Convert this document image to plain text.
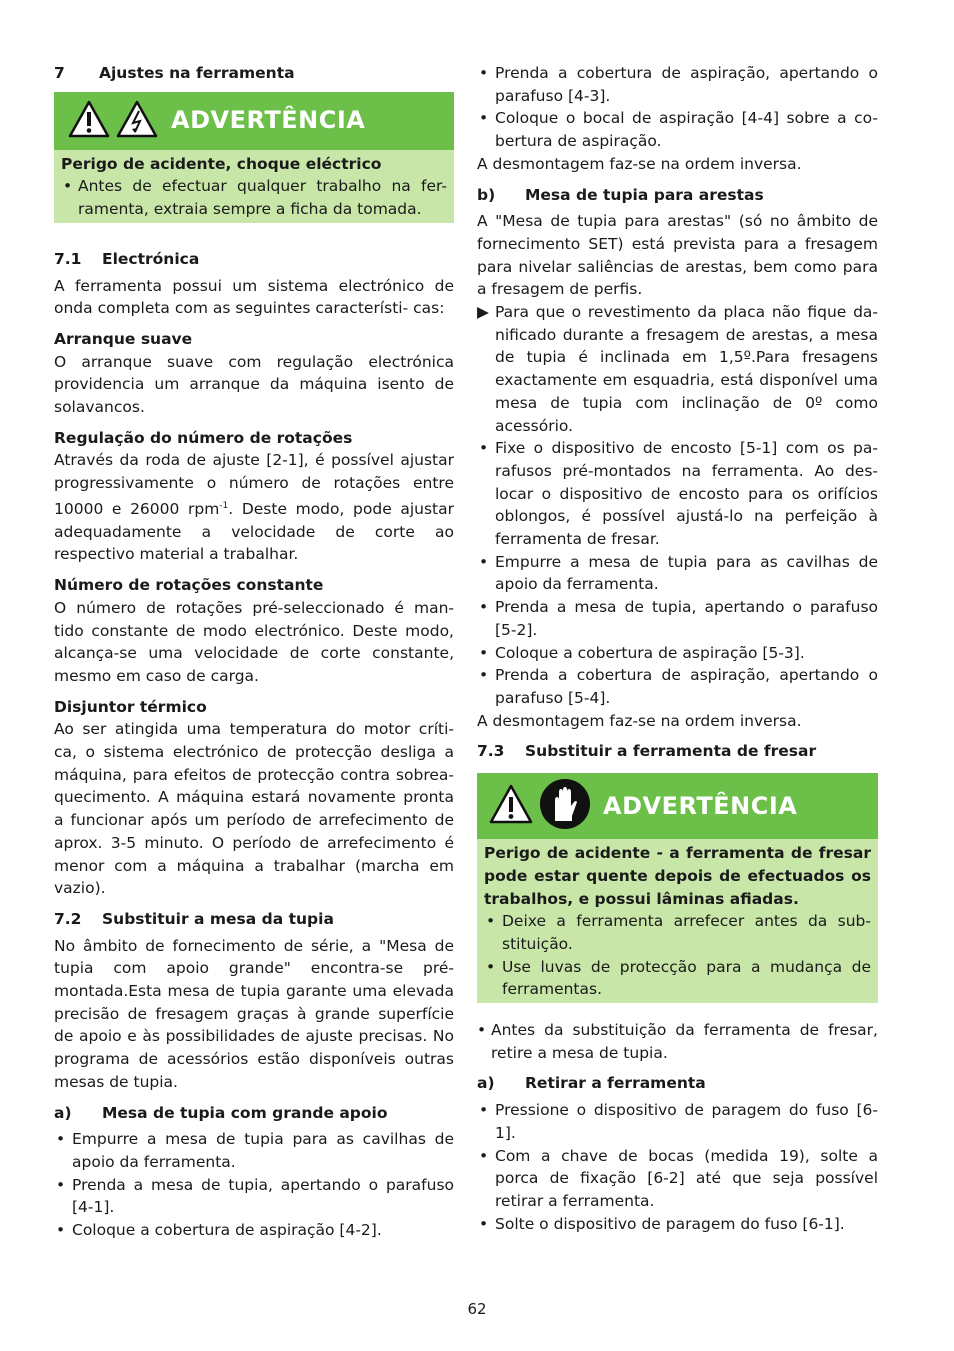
7	Ajustes na ferramenta
ADVERTÊNCIA

Perigo de acidente, choque eléctrico

• Antes de efectuar qualquer trabalho na fer- ramenta, extraia sempre a ficha da tomada.

7.1	Electrónica

A ferramenta possui um sistema electrónico de onda completa com as seguintes característi- cas:

Arranque suave

O arranque suave com regulação electrónica providencia um arranque da máquina isento de solavancos.

Regulação do número de rotações

Através da roda de ajuste [2-1], é possível ajustar progressivamente o número de rotações entre 10000 e 26000 rpm$^{-1}$. Deste modo, pode ajustar adequadamente a velocidade de corte ao respectivo material a trabalhar.

Número de rotações constante

O número de rotações pré-seleccionado é man- tido constante de modo electrónico. Deste modo, alcança-se uma velocidade de corte constante, mesmo em caso de carga.

Disjuntor térmico

Ao ser atingida uma temperatura do motor críti- ca, o sistema electrónico de protecção desliga a máquina, para efeitos de protecção contra sobrea- quecimento. A máquina estará novamente pronta a funcionar após um período de arrefecimento de aprox. 3-5 minuto. O período de arrefecimento é menor com a máquina a trabalhar (marcha em vazio).

7.2	Substituir a mesa da tupia

No âmbito de fornecimento de série, a "Mesa de tupia com apoio grande" encontra-se pré- montada.Esta mesa de tupia garante uma elevada precisão de fresagem graças à grande superfície de apoio e às possibilidades de ajuste precisas. No programa de acessórios estão disponíveis outras mesas de tupia.

a)	Mesa de tupia com grande apoio

• Empurre a mesa de tupia para as cavilhas de apoio da ferramenta.

• Prenda a mesa de tupia, apertando o parafuso [4-1].

• Coloque a cobertura de aspiração [4-2].

• Prenda a cobertura de aspiração, apertando o parafuso [4-3].

• Coloque o bocal de aspiração [4-4] sobre a co- bertura de aspiração.

A desmontagem faz-se na ordem inversa.

b)	Mesa de tupia para arestas

A "Mesa de tupia para arestas" (só no âmbito de fornecimento SET) está prevista para a fresagem para nivelar saliências de arestas, bem como para a fresagem de perfis.

▶ Para que o revestimento da placa não fique da- nificado durante a fresagem de arestas, a mesa de tupia é inclinada em 1,5º.Para fresagens exactamente em esquadria, está disponível uma mesa de tupia com inclinação de 0º como acessório.

• Fixe o dispositivo de encosto [5-1] com os pa- rafusos pré-montados na ferramenta. Ao des- locar o dispositivo de encosto para os orifícios oblongos, é possível ajustá-lo na perfeição à ferramenta de fresar.

• Empurre a mesa de tupia para as cavilhas de apoio da ferramenta.

• Prenda a mesa de tupia, apertando o parafuso [5-2].

• Coloque a cobertura de aspiração [5-3].

• Prenda a cobertura de aspiração, apertando o parafuso [5-4].

A desmontagem faz-se na ordem inversa.

7.3	Substituir a ferramenta de fresar
ADVERTÊNCIA

Perigo de acidente - a ferramenta de fresar pode estar quente depois de efectuados os trabalhos, e possui lâminas afiadas.

• Deixe a ferramenta arrefecer antes da sub- stituição.

• Use luvas de protecção para a mudança de ferramentas.

• Antes da substituição da ferramenta de fresar, retire a mesa de tupia.

a)	Retirar a ferramenta

• Pressione o dispositivo de paragem do fuso [6-1].

• Com a chave de bocas (medida 19), solte a porca de fixação [6-2] até que seja possível retirar a ferramenta.

• Solte o dispositivo de paragem do fuso [6-1].

62
